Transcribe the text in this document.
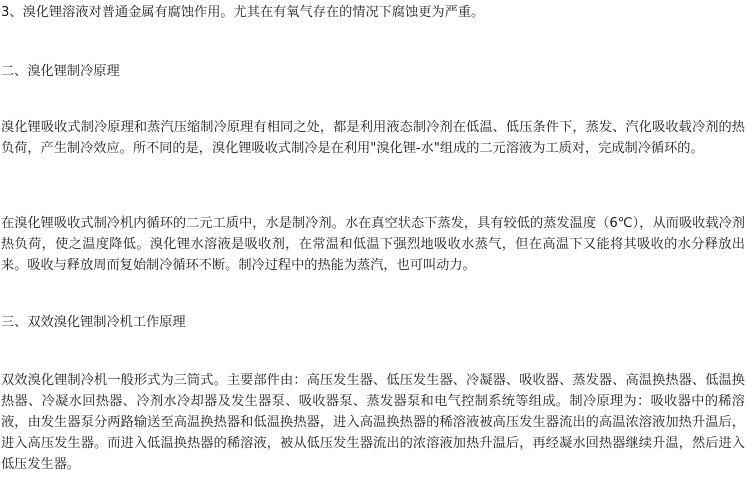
3、溴化锂溶液对普通金属有腐蚀作用。尤其在有氧气存在的情况下腐蚀更为严重。

二、溴化锂制冷原理

溴化锂吸收式制冷原理和蒸汽压缩制冷原理有相同之处，都是利用液态制冷剂在低温、低压条件下，蒸发、汽化吸收载冷剂的热负荷，产生制冷效应。所不同的是，溴化锂吸收式制冷是在利用"溴化锂-水"组成的二元溶液为工质对，完成制冷循环的。

在溴化锂吸收式制冷机内循环的二元工质中，水是制冷剂。水在真空状态下蒸发，具有较低的蒸发温度（6℃），从而吸收载冷剂热负荷，使之温度降低。溴化锂水溶液是吸收剂，在常温和低温下强烈地吸收水蒸气，但在高温下又能将其吸收的水分释放出来。吸收与释放周而复始制冷循环不断。制冷过程中的热能为蒸汽，也可叫动力。

三、双效溴化锂制冷机工作原理

双效溴化锂制冷机一般形式为三筒式。主要部件由：高压发生器、低压发生器、冷凝器、吸收器、蒸发器、高温换热器、低温换热器、冷凝水回热器、冷剂水冷却器及发生器泵、吸收器泵、蒸发器泵和电气控制系统等组成。制冷原理为：吸收器中的稀溶液，由发生器泵分两路输送至高温换热器和低温换热器，进入高温换热器的稀溶液被高压发生器流出的高温浓溶液加热升温后，进入高压发生器。而进入低温换热器的稀溶液，被从低压发生器流出的浓溶液加热升温后，再经凝水回热器继续升温，然后进入低压发生器。
